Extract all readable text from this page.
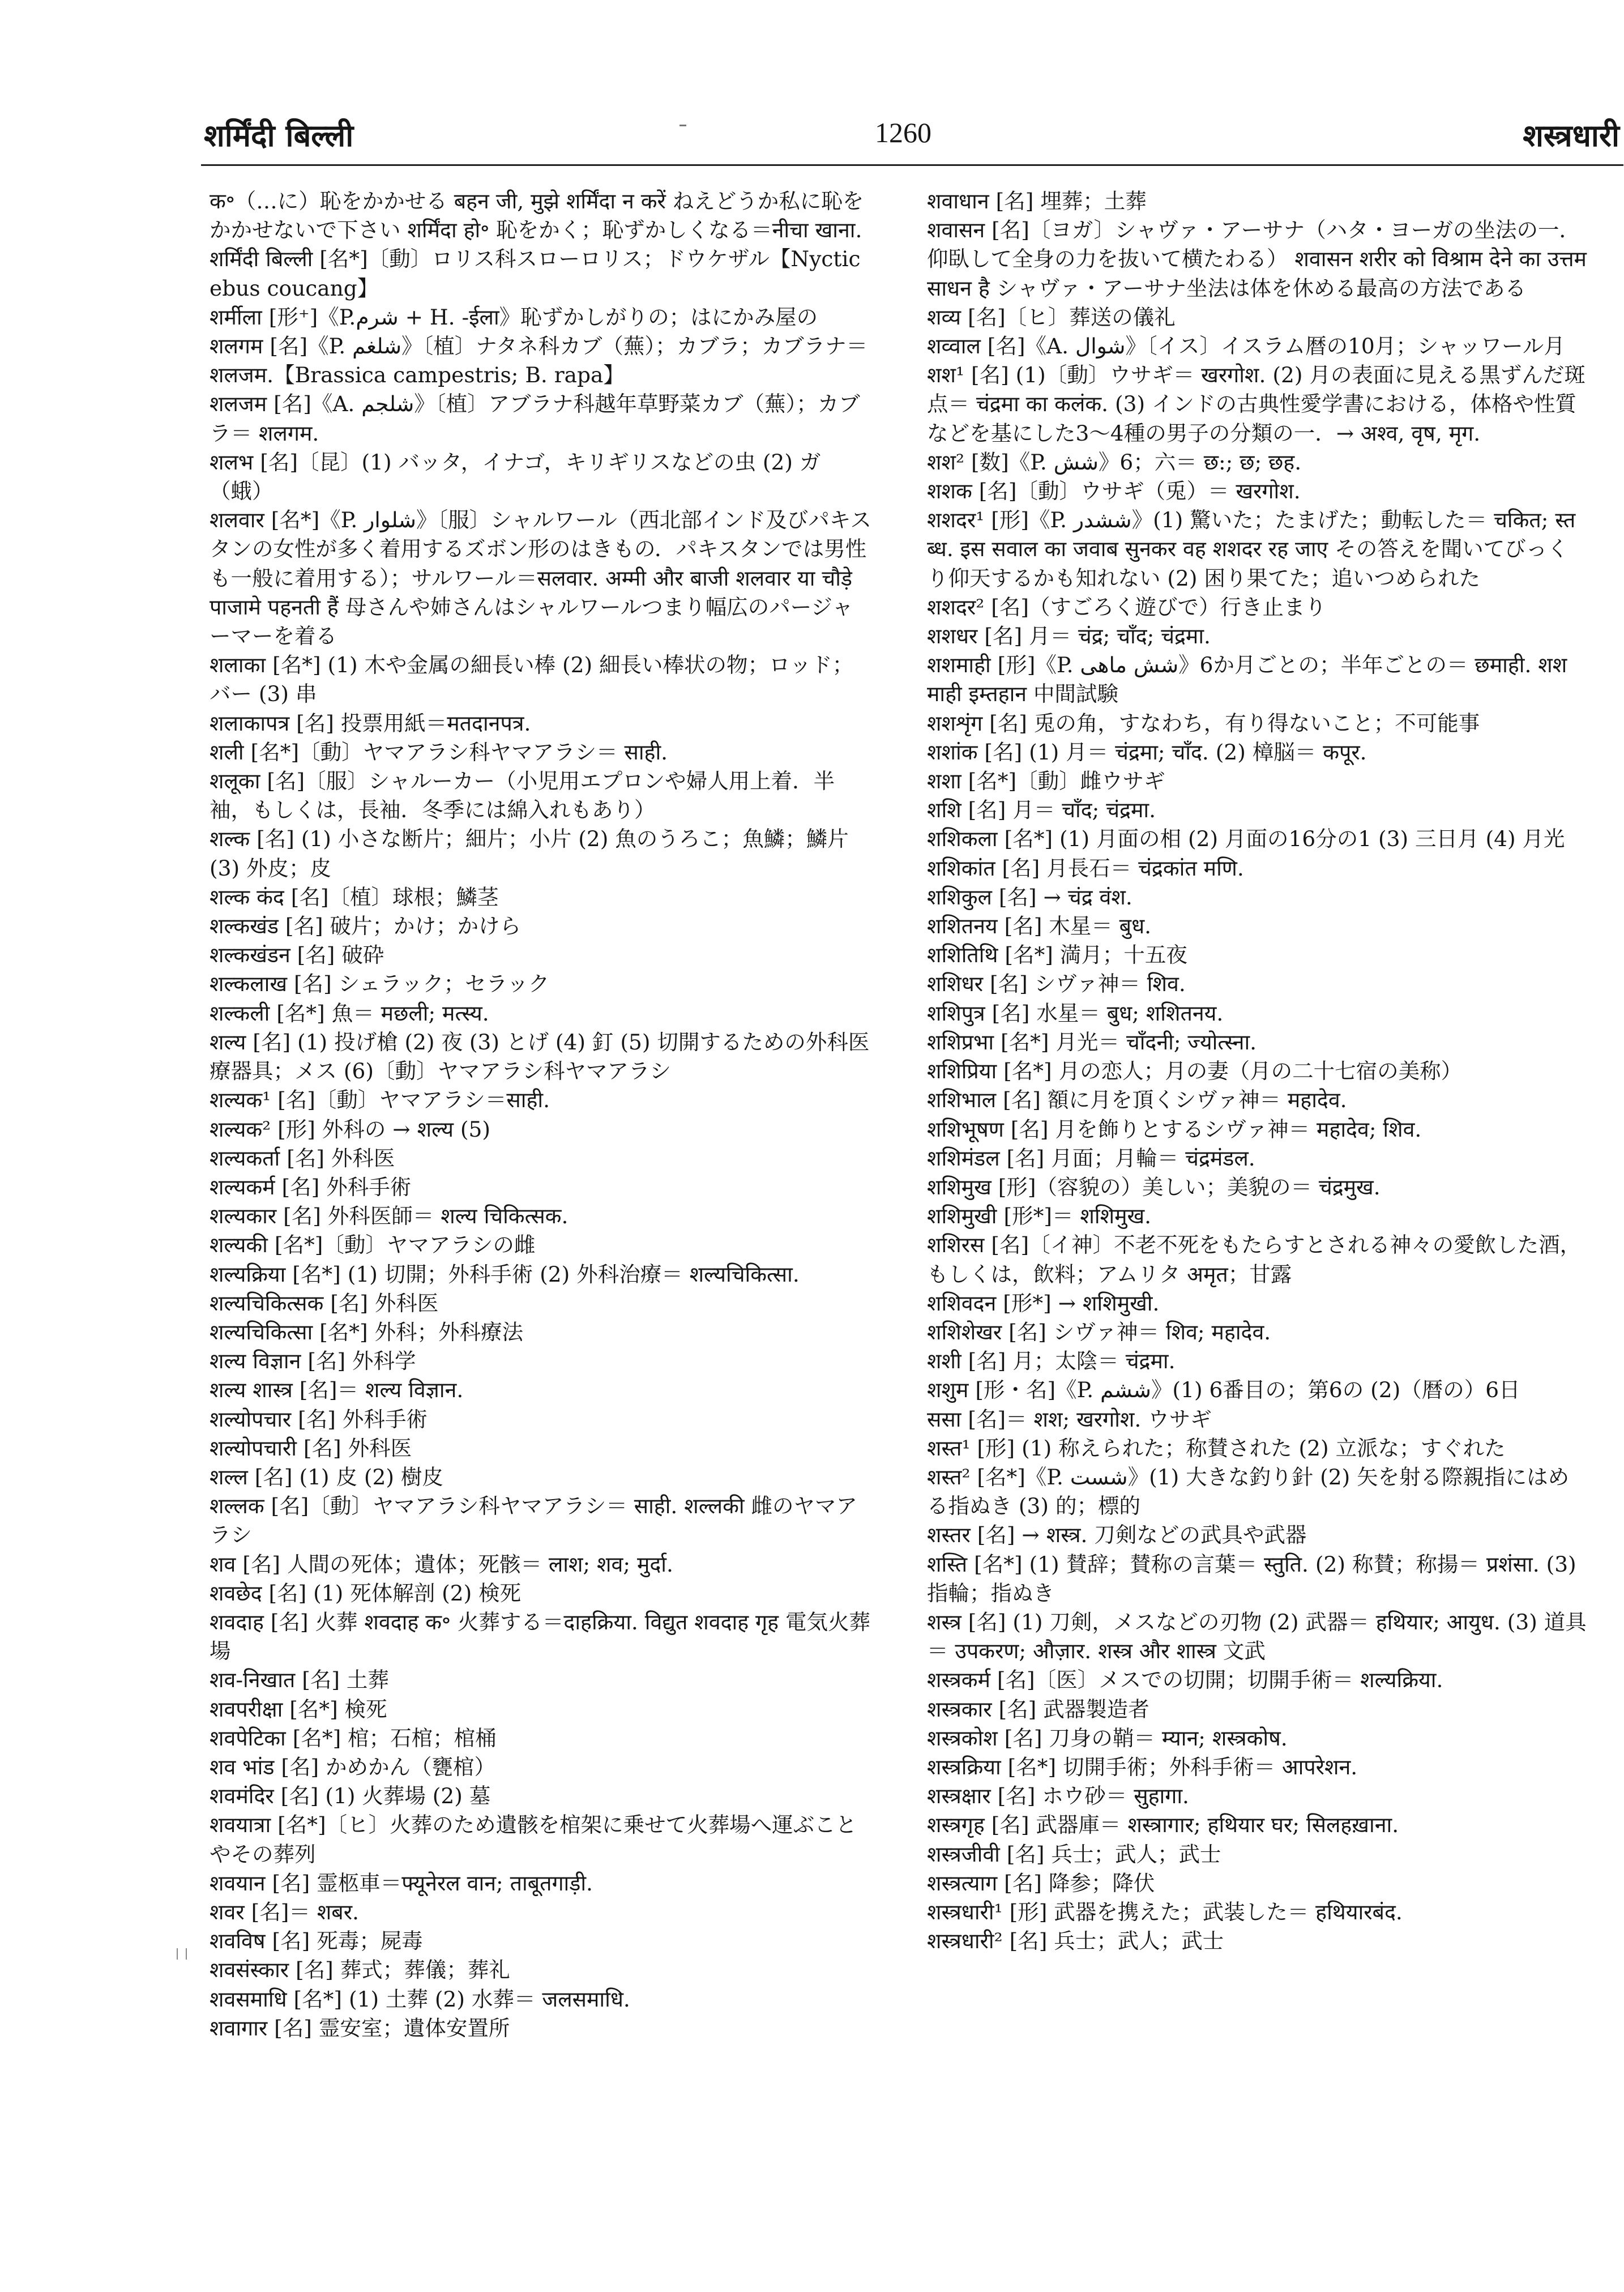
शर्मिंदी बिल्ली	1260	शस्त्रधारी

क॰（…に）恥をかかせる बहन जी, मुझे शर्मिंदा न करें ねえどうか私に恥をかかせないで下さい शर्मिंदा हो॰ 恥をかく；恥ずかしくなる＝नीचा खाना.

शर्मिंदी बिल्ली [名*]〔動〕ロリス科スローロリス；ドウケザル【Nycticebus coucang】

शर्मीला [形⁺]《P.شرم + H. -ईला》恥ずかしがりの；はにかみ屋の

शलगम [名]《P. شلغم》〔植〕ナタネ科カブ（蕪）；カブラ；カブラナ＝ शलजम.【Brassica campestris; B. rapa】

शलजम [名]《A. شلجم》〔植〕アブラナ科越年草野菜カブ（蕪）；カブラ＝ शलगम.

शलभ [名]〔昆〕(1) バッタ，イナゴ，キリギリスなどの虫 (2) ガ（蛾）

शलवार [名*]《P. شلوار》〔服〕シャルワール（西北部インド及びパキスタンの女性が多く着用するズボン形のはきもの．パキスタンでは男性も一般に着用する）；サルワール＝सलवार. अम्मी और बाजी शलवार या चौड़े पाजामे पहनती हैं 母さんや姉さんはシャルワールつまり幅広のパージャーマーを着る

शलाका [名*] (1) 木や金属の細長い棒 (2) 細長い棒状の物；ロッド；バー (3) 串

शलाकापत्र [名] 投票用紙＝मतदानपत्र.

शली [名*]〔動〕ヤマアラシ科ヤマアラシ＝ साही.

शलूका [名]〔服〕シャルーカー（小児用エプロンや婦人用上着．半袖，もしくは，長袖．冬季には綿入れもあり）

शल्क [名] (1) 小さな断片；細片；小片 (2) 魚のうろこ；魚鱗；鱗片 (3) 外皮；皮

शल्क कंद [名]〔植〕球根；鱗茎

शल्कखंड [名] 破片；かけ；かけら

शल्कखंडन [名] 破砕

शल्कलाख [名] シェラック；セラック

शल्कली [名*] 魚＝ मछली; मत्स्य.

शल्य [名] (1) 投げ槍 (2) 夜 (3) とげ (4) 釘 (5) 切開するための外科医療器具；メス (6)〔動〕ヤマアラシ科ヤマアラシ

शल्यक¹ [名]〔動〕ヤマアラシ＝साही.

शल्यक² [形] 外科の → शल्य (5)

शल्यकर्ता [名] 外科医

शल्यकर्म [名] 外科手術

शल्यकार [名] 外科医師＝ शल्य चिकित्सक.

शल्यकी [名*]〔動〕ヤマアラシの雌

शल्यक्रिया [名*] (1) 切開；外科手術 (2) 外科治療＝ शल्यचिकित्सा.

शल्यचिकित्सक [名] 外科医

शल्यचिकित्सा [名*] 外科；外科療法

शल्य विज्ञान [名] 外科学

शल्य शास्त्र [名]＝ शल्य विज्ञान.

शल्योपचार [名] 外科手術

शल्योपचारी [名] 外科医

शल्ल [名] (1) 皮 (2) 樹皮

शल्लक [名]〔動〕ヤマアラシ科ヤマアラシ＝ साही. शल्लकी 雌のヤマアラシ

शव [名] 人間の死体；遺体；死骸＝ लाश; शव; मुर्दा.

शवछेद [名] (1) 死体解剖 (2) 検死

शवदाह [名] 火葬 शवदाह क॰ 火葬する＝दाहक्रिया. विद्युत शवदाह गृह 電気火葬場

शव-निखात [名] 土葬

शवपरीक्षा [名*] 検死

शवपेटिका [名*] 棺；石棺；棺桶

शव भांड [名] かめかん（甕棺）

शवमंदिर [名] (1) 火葬場 (2) 墓

शवयात्रा [名*]〔ヒ〕火葬のため遺骸を棺架に乗せて火葬場へ運ぶことやその葬列

शवयान [名] 霊柩車＝फ्यूनेरल वान; ताबूतगाड़ी.

शवर [名]＝ शबर.

शवविष [名] 死毒；屍毒

शवसंस्कार [名] 葬式；葬儀；葬礼

शवसमाधि [名*] (1) 土葬 (2) 水葬＝ जलसमाधि.

शवागार [名] 霊安室；遺体安置所

शवाधान [名] 埋葬；土葬

शवासन [名]〔ヨガ〕シャヴァ・アーサナ（ハタ・ヨーガの坐法の一．仰臥して全身の力を抜いて横たわる） शवासन शरीर को विश्राम देने का उत्तम साधन है シャヴァ・アーサナ坐法は体を休める最高の方法である

शव्य [名]〔ヒ〕葬送の儀礼

शव्वाल [名]《A. شوال》〔イス〕イスラム暦の10月；シャッワール月

शश¹ [名] (1)〔動〕ウサギ＝ खरगोश. (2) 月の表面に見える黒ずんだ斑点＝ चंद्रमा का कलंक. (3) インドの古典性愛学書における，体格や性質などを基にした3〜4種の男子の分類の一．→ अश्व, वृष, मृग.

शश² [数]《P. شش》6；六＝ छ:; छ; छह.

शशक [名]〔動〕ウサギ（兎）＝ खरगोश.

शशदर¹ [形]《P. ششدر》(1) 驚いた；たまげた；動転した＝ चकित; स्तब्ध. इस सवाल का जवाब सुनकर वह शशदर रह जाए その答えを聞いてびっくり仰天するかも知れない (2) 困り果てた；追いつめられた

शशदर² [名]（すごろく遊びで）行き止まり

शशधर [名] 月＝ चंद्र; चाँद; चंद्रमा.

शशमाही [形]《P. شش ماهی》6か月ごとの；半年ごとの＝ छमाही. शशमाही इम्तहान 中間試験

शशशृंग [名] 兎の角，すなわち，有り得ないこと；不可能事

शशांक [名] (1) 月＝ चंद्रमा; चाँद. (2) 樟脳＝ कपूर.

शशा [名*]〔動〕雌ウサギ

शशि [名] 月＝ चाँद; चंद्रमा.

शशिकला [名*] (1) 月面の相 (2) 月面の16分の1 (3) 三日月 (4) 月光

शशिकांत [名] 月長石＝ चंद्रकांत मणि.

शशिकुल [名] → चंद्र वंश.

शशितनय [名] 木星＝ बुध.

शशितिथि [名*] 満月；十五夜

शशिधर [名] シヴァ神＝ शिव.

शशिपुत्र [名] 水星＝ बुध; शशितनय.

शशिप्रभा [名*] 月光＝ चाँदनी; ज्योत्स्ना.

शशिप्रिया [名*] 月の恋人；月の妻（月の二十七宿の美称）

शशिभाल [名] 額に月を頂くシヴァ神＝ महादेव.

शशिभूषण [名] 月を飾りとするシヴァ神＝ महादेव; शिव.

शशिमंडल [名] 月面；月輪＝ चंद्रमंडल.

शशिमुख [形]（容貌の）美しい；美貌の＝ चंद्रमुख.

शशिमुखी [形*]＝ शशिमुख.

शशिरस [名]〔イ神〕不老不死をもたらすとされる神々の愛飲した酒，もしくは，飲料；アムリタ अमृत；甘露

शशिवदन [形*] → शशिमुखी.

शशिशेखर [名] シヴァ神＝ शिव; महादेव.

शशी [名] 月；太陰＝ चंद्रमा.

शशुम [形・名]《P. ششم》(1) 6番目の；第6の (2)（暦の）6日

ससा [名]＝ शश; खरगोश. ウサギ

शस्त¹ [形] (1) 称えられた；称賛された (2) 立派な；すぐれた

शस्त² [名*]《P. شست》(1) 大きな釣り針 (2) 矢を射る際親指にはめる指ぬき (3) 的；標的

शस्तर [名] → शस्त्र. 刀剣などの武具や武器

शस्ति [名*] (1) 賛辞；賛称の言葉＝ स्तुति. (2) 称賛；称揚＝ प्रशंसा. (3) 指輪；指ぬき

शस्त्र [名] (1) 刀剣，メスなどの刃物 (2) 武器＝ हथियार; आयुध. (3) 道具＝ उपकरण; औज़ार. शस्त्र और शास्त्र 文武

शस्त्रकर्म [名]〔医〕メスでの切開；切開手術＝ शल्यक्रिया.

शस्त्रकार [名] 武器製造者

शस्त्रकोश [名] 刀身の鞘＝ म्यान; शस्त्रकोष.

शस्त्रक्रिया [名*] 切開手術；外科手術＝ आपरेशन.

शस्त्रक्षार [名] ホウ砂＝ सुहागा.

शस्त्रगृह [名] 武器庫＝ शस्त्रागार; हथियार घर; सिलहख़ाना.

शस्त्रजीवी [名] 兵士；武人；武士

शस्त्रत्याग [名] 降参；降伏

शस्त्रधारी¹ [形] 武器を携えた；武装した＝ हथियारबंद.

शस्त्रधारी² [名] 兵士；武人；武士
